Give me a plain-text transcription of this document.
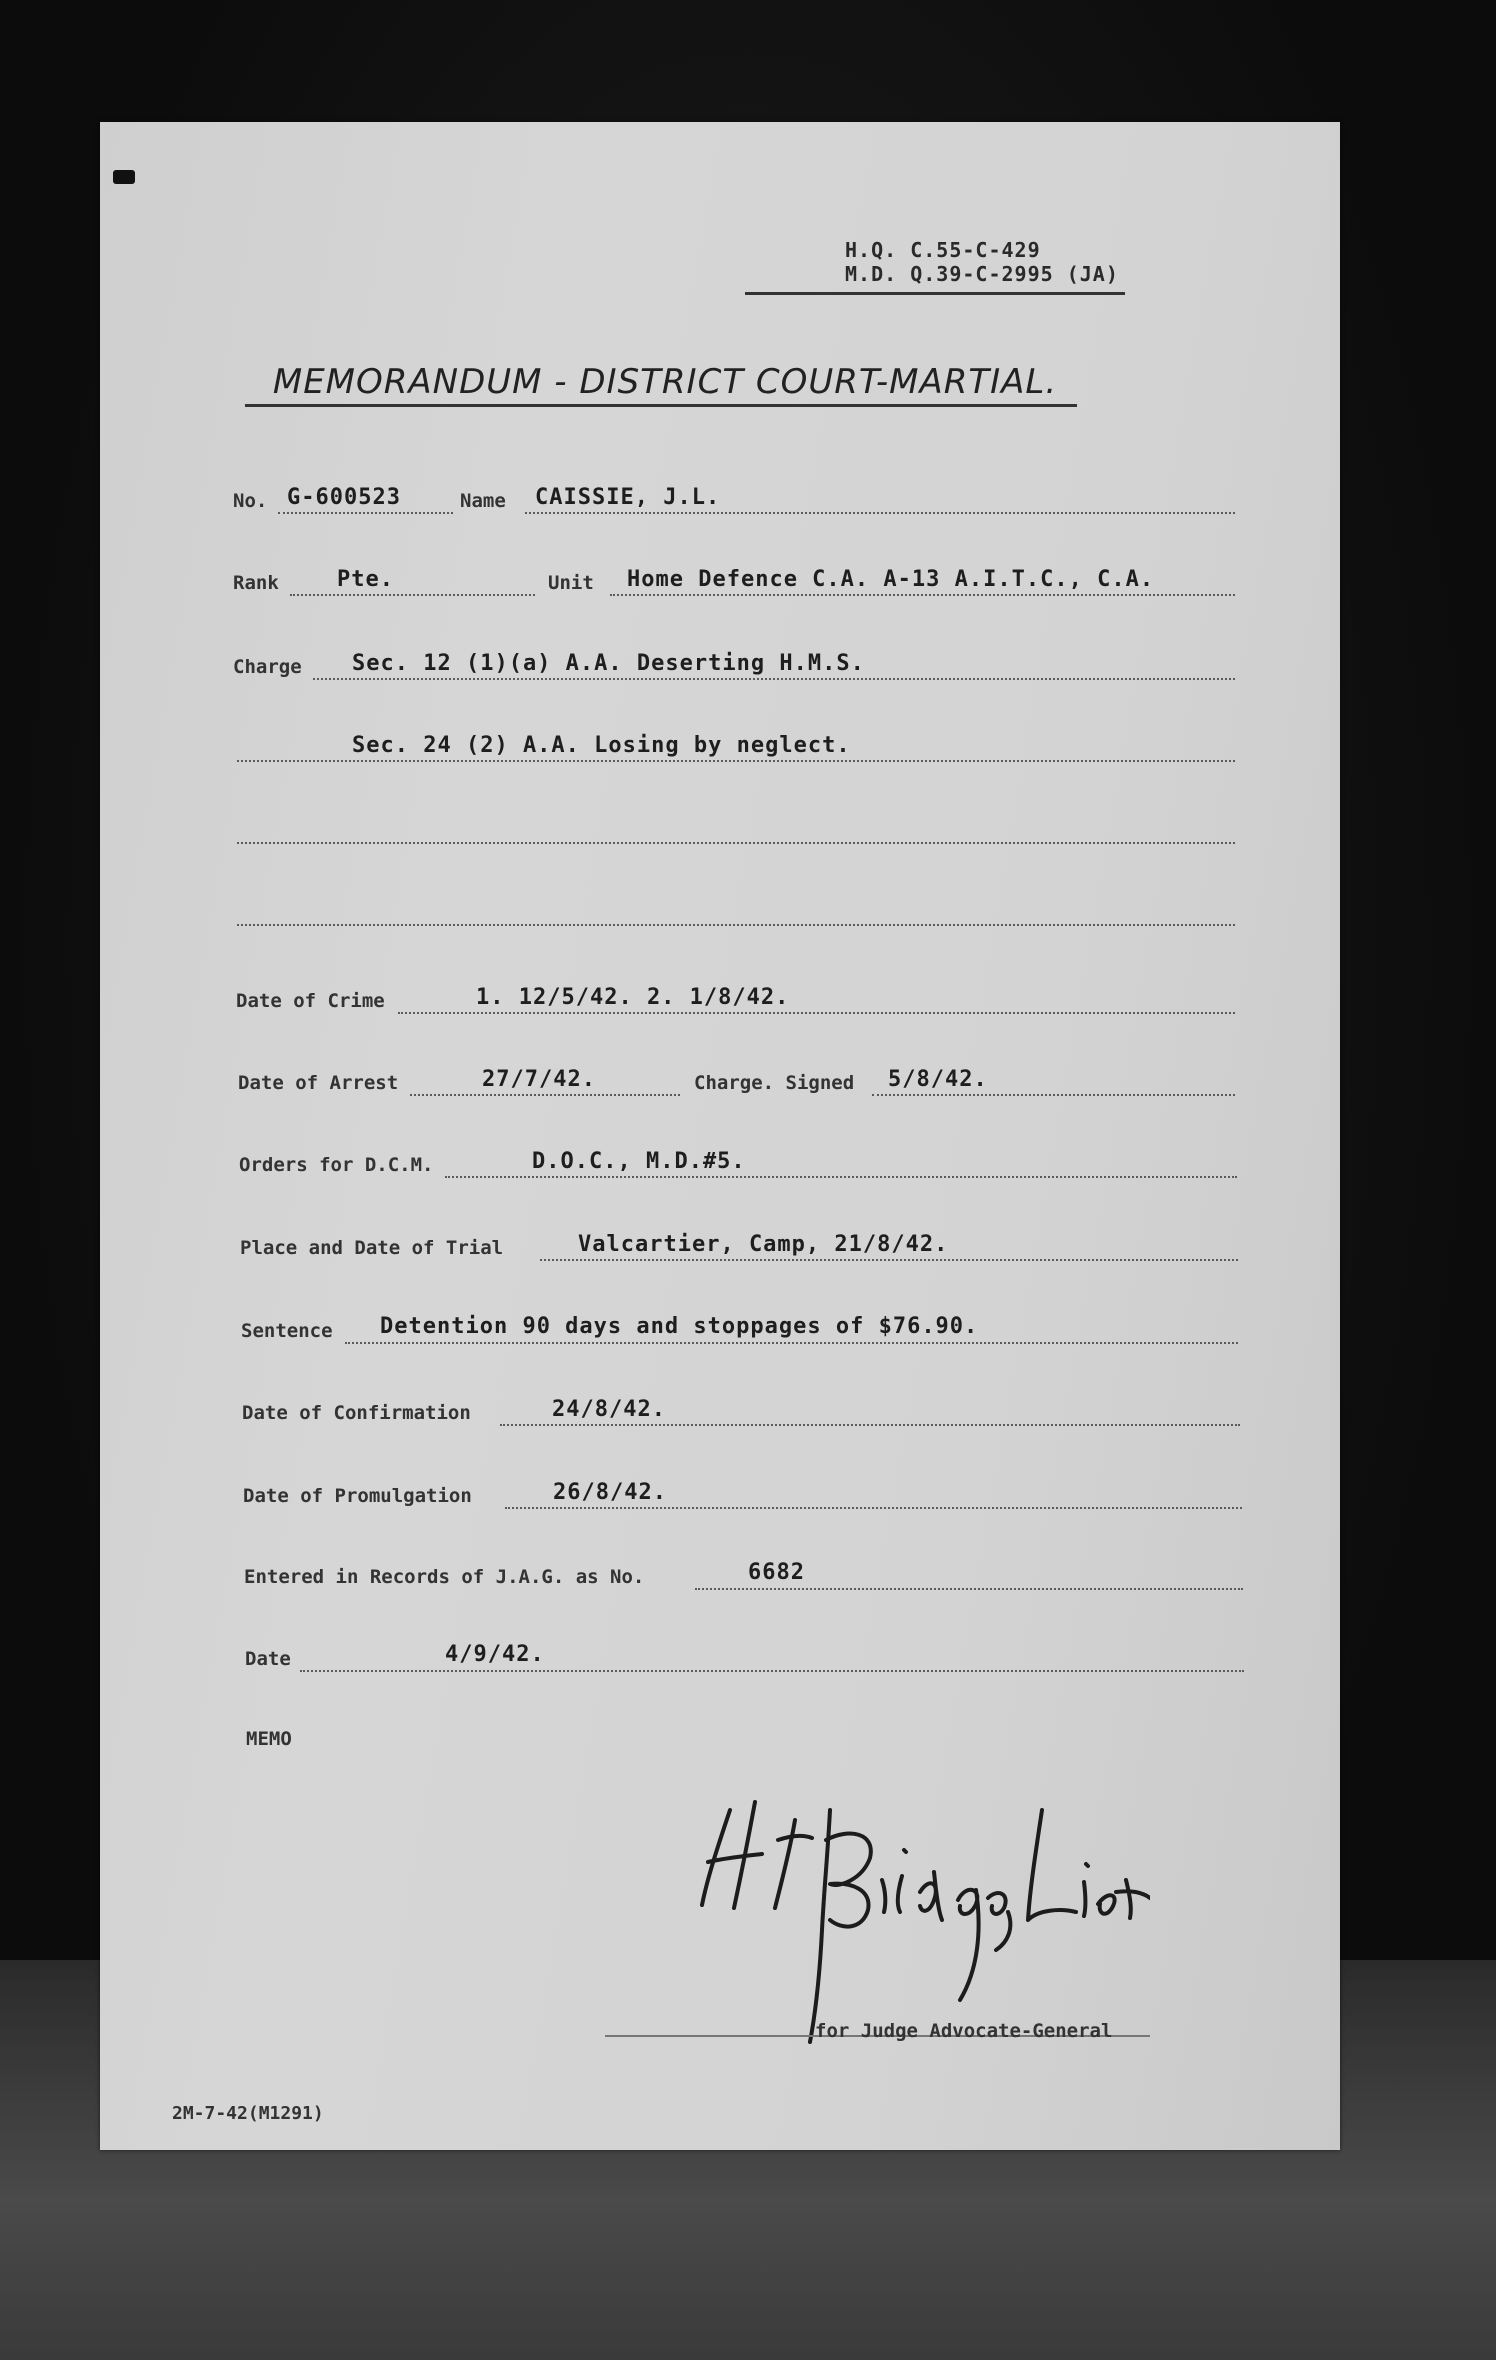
H.Q. C.55-C-429
M.D. Q.39-C-2995 (JA)
MEMORANDUM - DISTRICT COURT-MARTIAL.
No. G-600523	Name CAISSIE, J.L.
Rank	Pte.	Unit Home Defence C.A. A-13 A.I.T.C., C.A.
Charge Sec. 12 (1)(a) A.A. Deserting H.M.S.
Sec. 24 (2) A.A. Losing by neglect.
Date of Crime	1. 12/5/42. 2. 1/8/42.
Date of Arrest	27/7/42.	Charge. Signed 5/8/42.
Orders for D.C.M.	D.O.C., M.D.#5.
Place and Date of Trial	Valcartier, Camp, 21/8/42.
Sentence Detention 90 days and stoppages of $76.90.
Date of Confirmation	24/8/42.
Date of Promulgation	26/8/42.
Entered in Records of J.A.G. as No.	6682
Date	4/9/42.
MEMO
for Judge Advocate-General
2M-7-42(M1291)
